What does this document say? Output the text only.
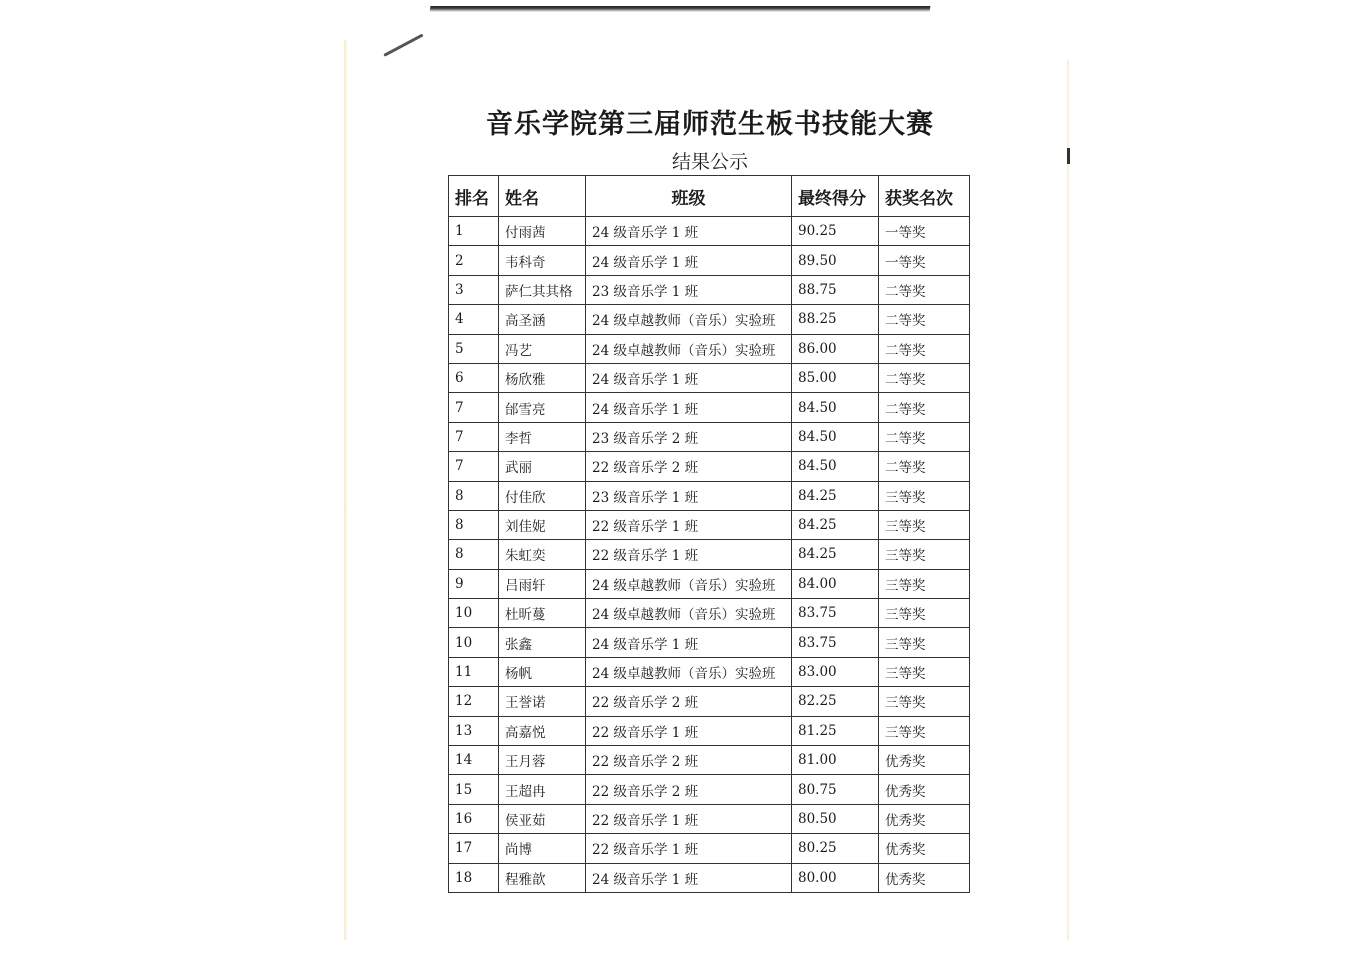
音乐学院第三届师范生板书技能大赛
结果公示
排名	姓名	班级	最终得分	获奖名次
1	付雨茜	24 级音乐学 1 班	90.25	一等奖
2	韦科奇	24 级音乐学 1 班	89.50	一等奖
3	萨仁其其格	23 级音乐学 1 班	88.75	二等奖
4	高圣涵	24 级卓越教师（音乐）实验班	88.25	二等奖
5	冯艺	24 级卓越教师（音乐）实验班	86.00	二等奖
6	杨欣雅	24 级音乐学 1 班	85.00	二等奖
7	邰雪亮	24 级音乐学 1 班	84.50	二等奖
7	李哲	23 级音乐学 2 班	84.50	二等奖
7	武丽	22 级音乐学 2 班	84.50	二等奖
8	付佳欣	23 级音乐学 1 班	84.25	三等奖
8	刘佳妮	22 级音乐学 1 班	84.25	三等奖
8	朱虹奕	22 级音乐学 1 班	84.25	三等奖
9	吕雨轩	24 级卓越教师（音乐）实验班	84.00	三等奖
10	杜昕蔓	24 级卓越教师（音乐）实验班	83.75	三等奖
10	张鑫	24 级音乐学 1 班	83.75	三等奖
11	杨帆	24 级卓越教师（音乐）实验班	83.00	三等奖
12	王誉诺	22 级音乐学 2 班	82.25	三等奖
13	高嘉悦	22 级音乐学 1 班	81.25	三等奖
14	王月蓉	22 级音乐学 2 班	81.00	优秀奖
15	王超冉	22 级音乐学 2 班	80.75	优秀奖
16	侯亚茹	22 级音乐学 1 班	80.50	优秀奖
17	尚博	22 级音乐学 1 班	80.25	优秀奖
18	程雅歆	24 级音乐学 1 班	80.00	优秀奖
